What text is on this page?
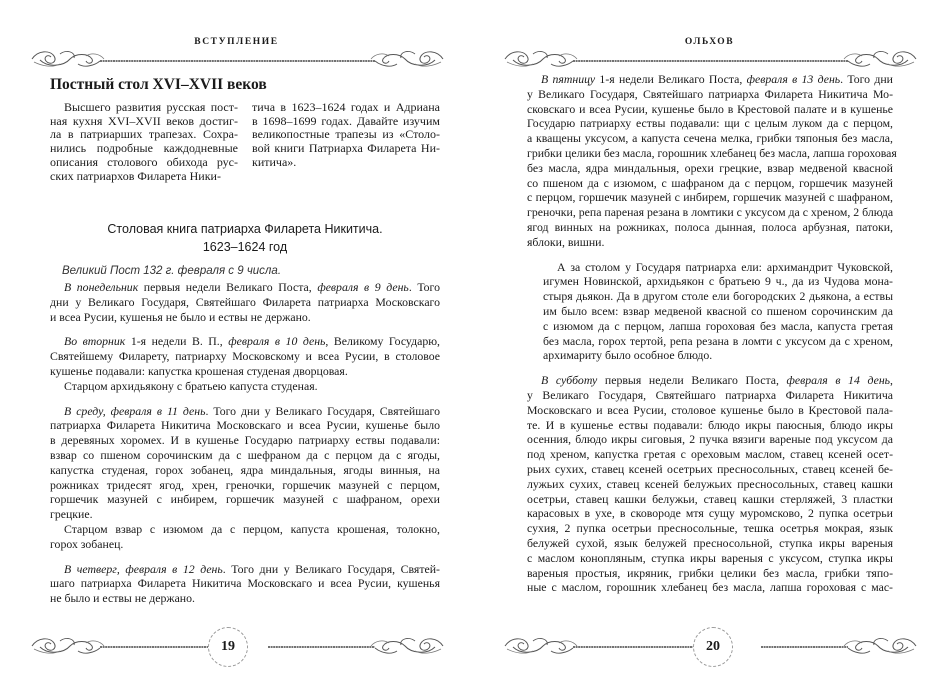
ВСТУПЛЕНИЕ
Постный стол XVI–XVII веков
Высшего развития русская пост-
ная кухня XVI–XVII веков достиг-
ла в патриарших трапезах. Сохра-
нились подробные каждодневные
описания столового обихода рус-
ских патриархов Филарета Ники-
тича в 1623–1624 годах и Адриана
в 1698–1699 годах. Давайте изучим
великопостные трапезы из «Столо-
вой книги Патриарха Филарета Ни-
китича».
Столовая книга патриарха Филарета Никитича.
1623–1624 год
Великий Пост 132 г. февраля с 9 числа.
В понедельник первыя недели Великаго Поста, февраля в 9 день. Того
дни у Великаго Государя, Святейшаго Филарета патриарха Московскаго
и всеа Русии, кушенья не было и ествы не держано.
Во вторник 1-я недели В. П., февраля в 10 день, Великому Государю,
Святейшему Филарету, патриарху Московскому и всеа Русии, в столовое
кушенье подавали: капустка крошеная студеная дворцовая.
Старцом архидьякону с братьею капуста студеная.
В среду, февраля в 11 день. Того дни у Великаго Государя, Святейшаго
патриарха Филарета Никитича Московскаго и всеа Русии, кушенье было
в деревяных хоромех. И в кушенье Государю патриарху ествы подавали:
взвар со пшеном сорочинским да с шефраном да с перцом да с ягоды,
капустка студеная, горох зобанец, ядра миндальныя, ягоды винныя, на
рожниках тридесят ягод, хрен, греночки, горшечик мазуней с перцом,
горшечик мазуней с инбирем, горшечик мазуней с шафраном, орехи
грецкие.
Старцом взвар с изюмом да с перцом, капуста крошеная, толокно,
горох зобанец.
В четверг, февраля в 12 день. Того дни у Великаго Государя, Святей-
шаго патриарха Филарета Никитича Московскаго и всеа Русии, кушенья
не было и ествы не держано.
19
ОЛЬХОВ
В пятницу 1-я недели Великаго Поста, февраля в 13 день. Того дни
у Великаго Государя, Святейшаго патриарха Филарета Никитича Мо-
сковскаго и всеа Русии, кушенье было в Крестовой палате и в кушенье
Государю патриарху ествы подавали: щи с целым луком да с перцом,
а кващены уксусом, а капуста сечена мелка, грибки тяпоныя без масла,
грибки целики без масла, горошник хлебанец без масла, лапша гороховая
без масла, ядра миндальныя, орехи грецкие, взвар медвеной квасной
со пшеном да с изюмом, с шафраном да с перцом, горшечик мазуней
с перцом, горшечик мазуней с инбирем, горшечик мазуней с шафраном,
греночки, репа пареная резана в ломтики с уксусом да с хреном, 2 блюда
ягод винных на рожниках, полоса дынная, полоса арбузная, патоки,
яблоки, вишни.
А за столом у Государя патриарха ели: архимандрит Чуковской,
игумен Новинской, архидьякон с братьею 9 ч., да из Чудова мона-
стыря дьякон. Да в другом столе ели богородских 2 дьякона, а ествы
им было всем: взвар медвеной квасной со пшеном сорочинским да
с изюмом да с перцом, лапша гороховая без масла, капуста гретая
без масла, горох тертой, репа резана в ломти с уксусом да с хреном,
архимариту было особное блюдо.
В субботу первыя недели Великаго Поста, февраля в 14 день,
у Великаго Государя, Святейшаго патриарха Филарета Никитича
Московскаго и всеа Русии, столовое кушенье было в Крестовой пала-
те. И в кушенье ествы подавали: блюдо икры паюсныя, блюдо икры
осенния, блюдо икры сиговыя, 2 пучка вязиги вареные под уксусом да
под хреном, капустка гретая с ореховым маслом, ставец ксеней осет-
рьих сухих, ставец ксеней осетрьих пресносольных, ставец ксеней бе-
лужьих сухих, ставец ксеней белужьих пресносольных, ставец кашки
осетрьи, ставец кашки белужьи, ставец кашки стерляжей, 3 пластки
карасовых в ухе, в сковороде мтя сущу муромсково, 2 пупка осетрьи
сухия, 2 пупка осетрьи пресносольные, тешка осетрья мокрая, язык
белужей сухой, язык белужей пресносольной, ступка икры вареныя
с маслом конопляным, ступка икры вареныя с уксусом, ступка икры
вареныя простыя, икряник, грибки целики без масла, грибки тяпо-
ные с маслом, горошник хлебанец без масла, лапша гороховая с мас-
20
